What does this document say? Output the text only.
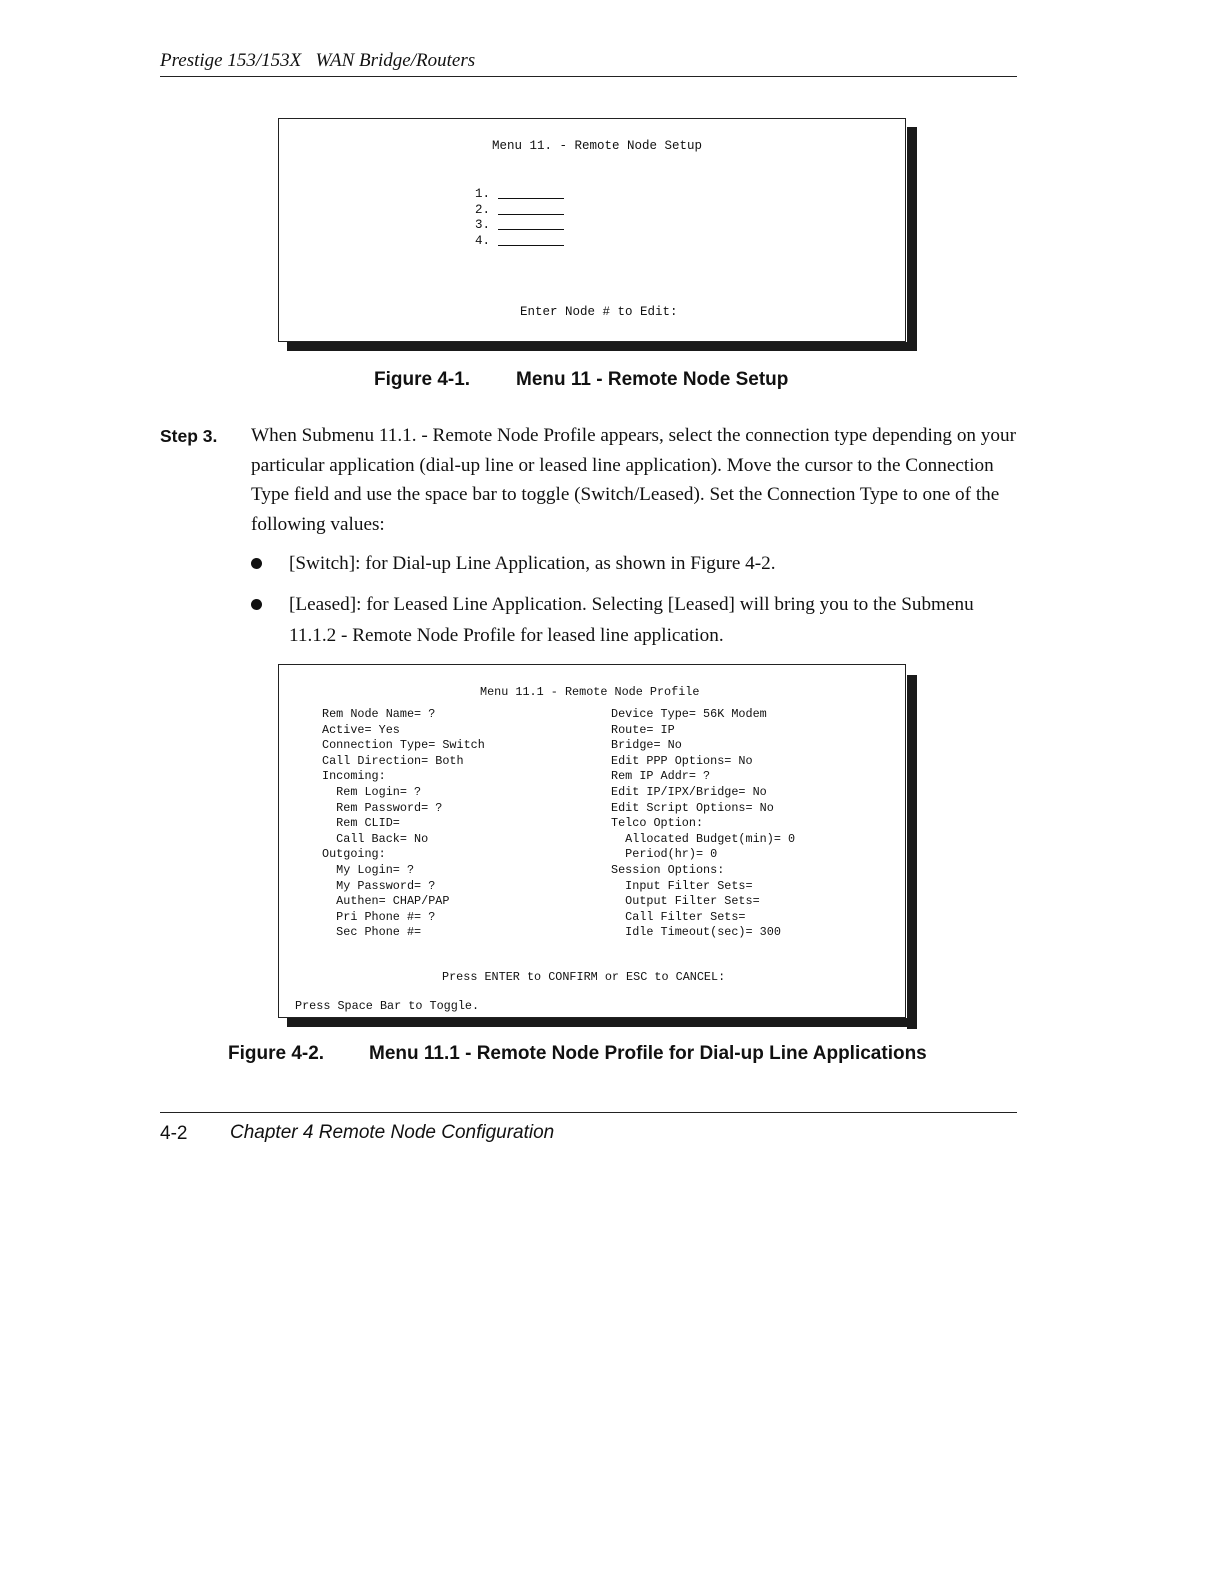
Prestige 153/153X   WAN Bridge/Routers
Menu 11. - Remote Node Setup
1.
2.
3.
4.
Enter Node # to Edit:
Figure 4-1. Menu 11 - Remote Node Setup
Step 3. When Submenu 11.1. - Remote Node Profile appears, select the connection type depending on your particular application (dial-up line or leased line application). Move the cursor to the Connection Type field and use the space bar to toggle (Switch/Leased). Set the Connection Type to one of the following values:
[Switch]: for Dial-up Line Application, as shown in Figure 4-2.
[Leased]: for Leased Line Application. Selecting [Leased] will bring you to the Submenu 11.1.2 - Remote Node Profile for leased line application.
Menu 11.1 - Remote Node Profile
Rem Node Name= ?
Active= Yes
Connection Type= Switch
Call Direction= Both
Incoming:
Rem Login= ?
Rem Password= ?
Rem CLID=
Call Back= No
Outgoing:
My Login= ?
My Password= ?
Authen= CHAP/PAP
Pri Phone #= ?
Sec Phone #=
Device Type= 56K Modem
Route= IP
Bridge= No
Edit PPP Options= No
Rem IP Addr= ?
Edit IP/IPX/Bridge= No
Edit Script Options= No
Telco Option:
Allocated Budget(min)= 0
Period(hr)= 0
Session Options:
Input Filter Sets=
Output Filter Sets=
Call Filter Sets=
Idle Timeout(sec)= 300
Press ENTER to CONFIRM or ESC to CANCEL:
Press Space Bar to Toggle.
Figure 4-2. Menu 11.1 - Remote Node Profile for Dial-up Line Applications
4-2 Chapter 4 Remote Node Configuration
